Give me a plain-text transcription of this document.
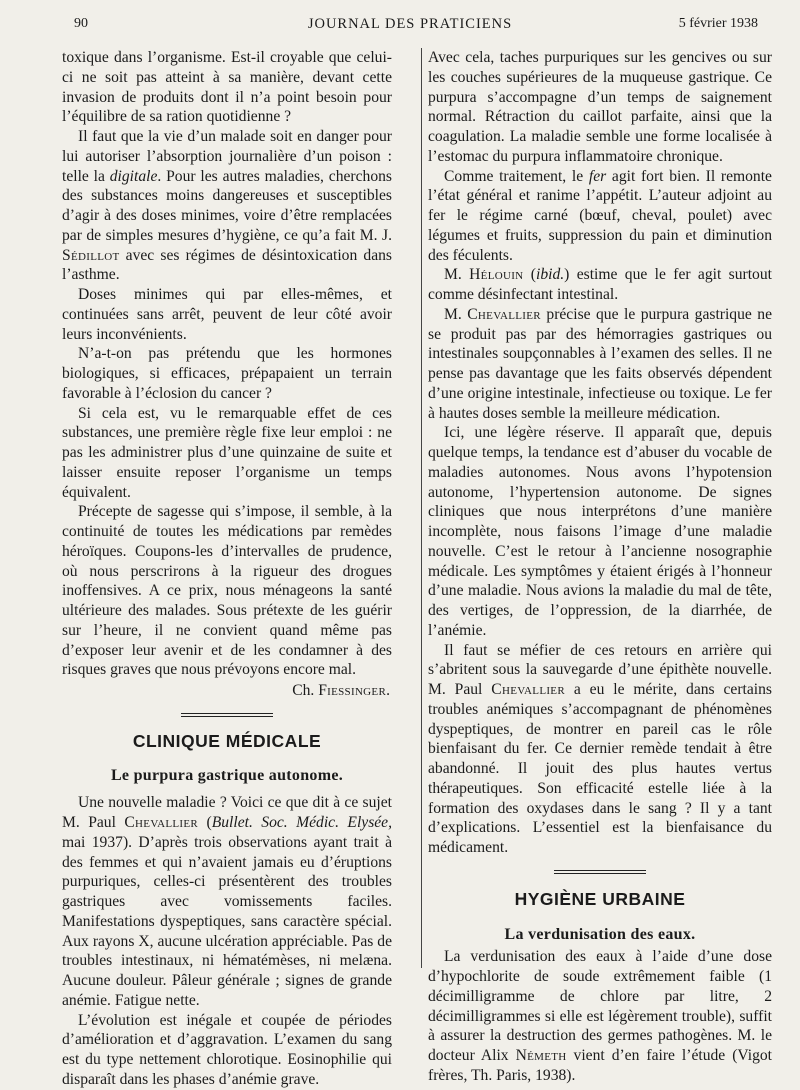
90	JOURNAL DES PRATICIENS	5 février 1938

toxique dans l’organisme. Est-il croyable que celui-ci ne soit pas atteint à sa manière, devant cette invasion de produits dont il n’a point besoin pour l’équilibre de sa ration quotidienne ?

Il faut que la vie d’un malade soit en danger pour lui autoriser l’absorption journalière d’un poison : telle la digitale. Pour les autres maladies, cherchons des substances moins dangereuses et susceptibles d’agir à des doses minimes, voire d’être remplacées par de simples mesures d’hygiène, ce qu’a fait M. J. Sédillot avec ses régimes de désintoxication dans l’asthme.

Doses minimes qui par elles-mêmes, et continuées sans arrêt, peuvent de leur côté avoir leurs inconvénients.

N’a-t-on pas prétendu que les hormones biologiques, si efficaces, prépараient un terrain favorable à l’éclosion du cancer ?

Si cela est, vu le remarquable effet de ces substances, une première règle fixe leur emploi : ne pas les administrer plus d’une quinzaine de suite et laisser ensuite reposer l’organisme un temps équivalent.

Précepte de sagesse qui s’impose, il semble, à la continuité de toutes les médications par remèdes héroïques. Coupons-les d’intervalles de prudence, où nous perscrirons à la rigueur des drogues inoffensives. A ce prix, nous ménageons la santé ultérieure des malades. Sous prétexte de les guérir sur l’heure, il ne convient quand même pas d’exposer leur avenir et de les condamner à des risques graves que nous prévoyons encore mal.

Ch. Fiessinger.
CLINIQUE MÉDICALE
Le purpura gastrique autonome.

Une nouvelle maladie ? Voici ce que dit à ce sujet M. Paul Chevallier (Bullet. Soc. Médic. Elysée, mai 1937). D’après trois observations ayant trait à des femmes et qui n’avaient jamais eu d’éruptions purpuriques, celles-ci présentèrent des troubles gastriques avec vomissements faciles. Manifestations dyspeptiques, sans caractère spécial. Aux rayons X, aucune ulcération appréciable. Pas de troubles intestinaux, ni hématémèses, ni melæna. Aucune douleur. Pâleur générale ; signes de grande anémie. Fatigue nette.

L’évolution est inégale et coupée de périodes d’amélioration et d’aggravation. L’examen du sang est du type nettement chlorotique. Eosinophilie qui disparaît dans les phases d’anémie grave.

Avec cela, taches purpuriques sur les gencives ou sur les couches supérieures de la muqueuse gastrique. Ce purpura s’accompagne d’un temps de saignement normal. Rétraction du caillot parfaite, ainsi que la coagulation. La maladie semble une forme localisée à l’estomac du purpura inflammatoire chronique.

Comme traitement, le fer agit fort bien. Il remonte l’état général et ranime l’appétit. L’auteur adjoint au fer le régime carné (bœuf, cheval, poulet) avec légumes et fruits, suppression du pain et diminution des féculents.

M. Hélouin (ibid.) estime que le fer agit surtout comme désinfectant intestinal.

M. Chevallier précise que le purpura gastrique ne se produit pas par des hémorragies gastriques ou intestinales soupçonnables à l’examen des selles. Il ne pense pas davantage que les faits observés dépendent d’une origine intestinale, infectieuse ou toxique. Le fer à hautes doses semble la meilleure médication.

Ici, une légère réserve. Il apparaît que, depuis quelque temps, la tendance est d’abuser du vocable de maladies autonomes. Nous avons l’hypotension autonome, l’hypertension autonome. De signes cliniques que nous interprétons d’une manière incomplète, nous faisons l’image d’une maladie nouvelle. C’est le retour à l’ancienne nosographie médicale. Les symptômes y étaient érigés à l’honneur d’une maladie. Nous avions la maladie du mal de tête, des vertiges, de l’oppression, de la diarrhée, de l’anémie.

Il faut se méfier de ces retours en arrière qui s’abritent sous la sauvegarde d’une épithète nouvelle. M. Paul Chevallier a eu le mérite, dans certains troubles anémiques s’accompagnant de phénomènes dyspeptiques, de montrer en pareil cas le rôle bienfaisant du fer. Ce dernier remède tendait à être abandonné. Il jouit des plus hautes vertus thérapeutiques. Son efficacité estelle liée à la formation des oxydases dans le sang ? Il y a tant d’explications. L’essentiel est la bienfaisance du médicament.

HYGIÈNE URBAINE
La verdunisation des eaux.

La verdunisation des eaux à l’aide d’une dose d’hypochlorite de soude extrêmement faible (1 décimilligramme de chlore par litre, 2 décimilligrammes si elle est légèrement trouble), suffit à assurer la destruction des germes pathogènes. M. le docteur Alix Németh vient d’en faire l’étude (Vigot frères, Th. Paris, 1938).
